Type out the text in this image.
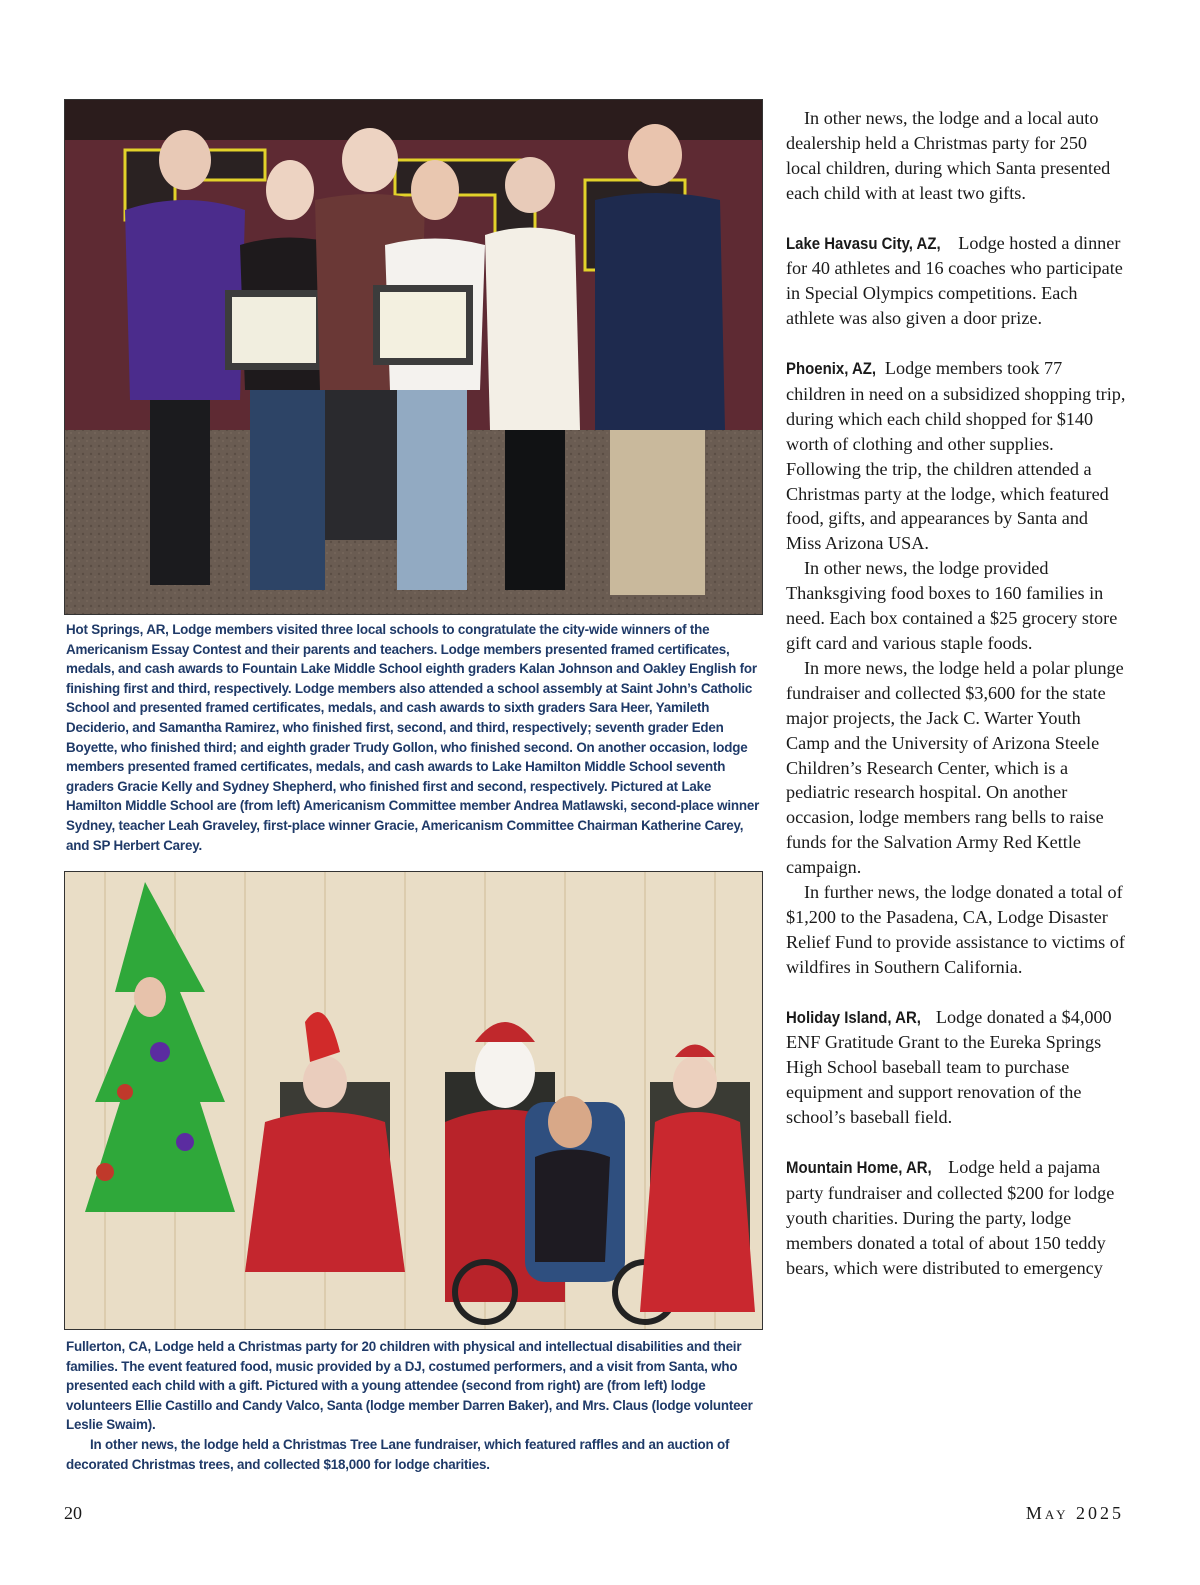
Hot Springs, AR, Lodge members visited three local schools to congratulate the city-wide winners of the Americanism Essay Contest and their parents and teachers. Lodge members presented framed certificates, medals, and cash awards to Fountain Lake Middle School eighth graders Kalan Johnson and Oakley English for finishing first and third, respectively. Lodge members also attended a school assembly at Saint John’s Catholic School and presented framed certificates, medals, and cash awards to sixth graders Sara Heer, Yamileth Deciderio, and Samantha Ramirez, who finished first, second, and third, respectively; seventh grader Eden Boyette, who finished third; and eighth grader Trudy Gollon, who finished second. On another occasion, lodge members presented framed certificates, medals, and cash awards to Lake Hamilton Middle School seventh graders Gracie Kelly and Sydney Shepherd, who finished first and second, respectively. Pictured at Lake Hamilton Middle School are (from left) Americanism Committee member Andrea Matlawski, second-place winner Sydney, teacher Leah Graveley, first-place winner Gracie, Americanism Committee Chairman Katherine Carey, and SP Herbert Carey.
Fullerton, CA, Lodge held a Christmas party for 20 children with physical and intellectual disabilities and their families. The event featured food, music provided by a DJ, costumed performers, and a visit from Santa, who presented each child with a gift. Pictured with a young attendee (second from right) are (from left) lodge volunteers Ellie Castillo and Candy Valco, Santa (lodge member Darren Baker), and Mrs. Claus (lodge volunteer Leslie Swaim).
In other news, the lodge held a Christmas Tree Lane fundraiser, which featured raffles and an auction of decorated Christmas trees, and collected $18,000 for lodge charities.

In other news, the lodge and a local auto dealership held a Christmas party for 250 local children, during which Santa presented each child with at least two gifts.

Lake Havasu City, AZ, Lodge hosted a dinner for 40 athletes and 16 coaches who participate in Special Olympics competitions. Each athlete was also given a door prize.

Phoenix, AZ, Lodge members took 77 children in need on a subsidized shopping trip, during which each child shopped for $140 worth of clothing and other supplies. Following the trip, the children attended a Christmas party at the lodge, which featured food, gifts, and appearances by Santa and Miss Arizona USA.

In other news, the lodge provided Thanksgiving food boxes to 160 families in need. Each box contained a $25 grocery store gift card and various staple foods.

In more news, the lodge held a polar plunge fundraiser and collected $3,600 for the state major projects, the Jack C. Warter Youth Camp and the University of Arizona Steele Children’s Research Center, which is a pediatric research hospital. On another occasion, lodge members rang bells to raise funds for the Salvation Army Red Kettle campaign.

In further news, the lodge donated a total of $1,200 to the Pasadena, CA, Lodge Disaster Relief Fund to provide assistance to victims of wildfires in Southern California.

Holiday Island, AR, Lodge donated a $4,000 ENF Gratitude Grant to the Eureka Springs High School baseball team to purchase equipment and support renovation of the school’s baseball field.

Mountain Home, AR, Lodge held a pajama party fundraiser and collected $200 for lodge youth charities. During the party, lodge members donated a total of about 150 teddy bears, which were distributed to emergency

20	May 2025
